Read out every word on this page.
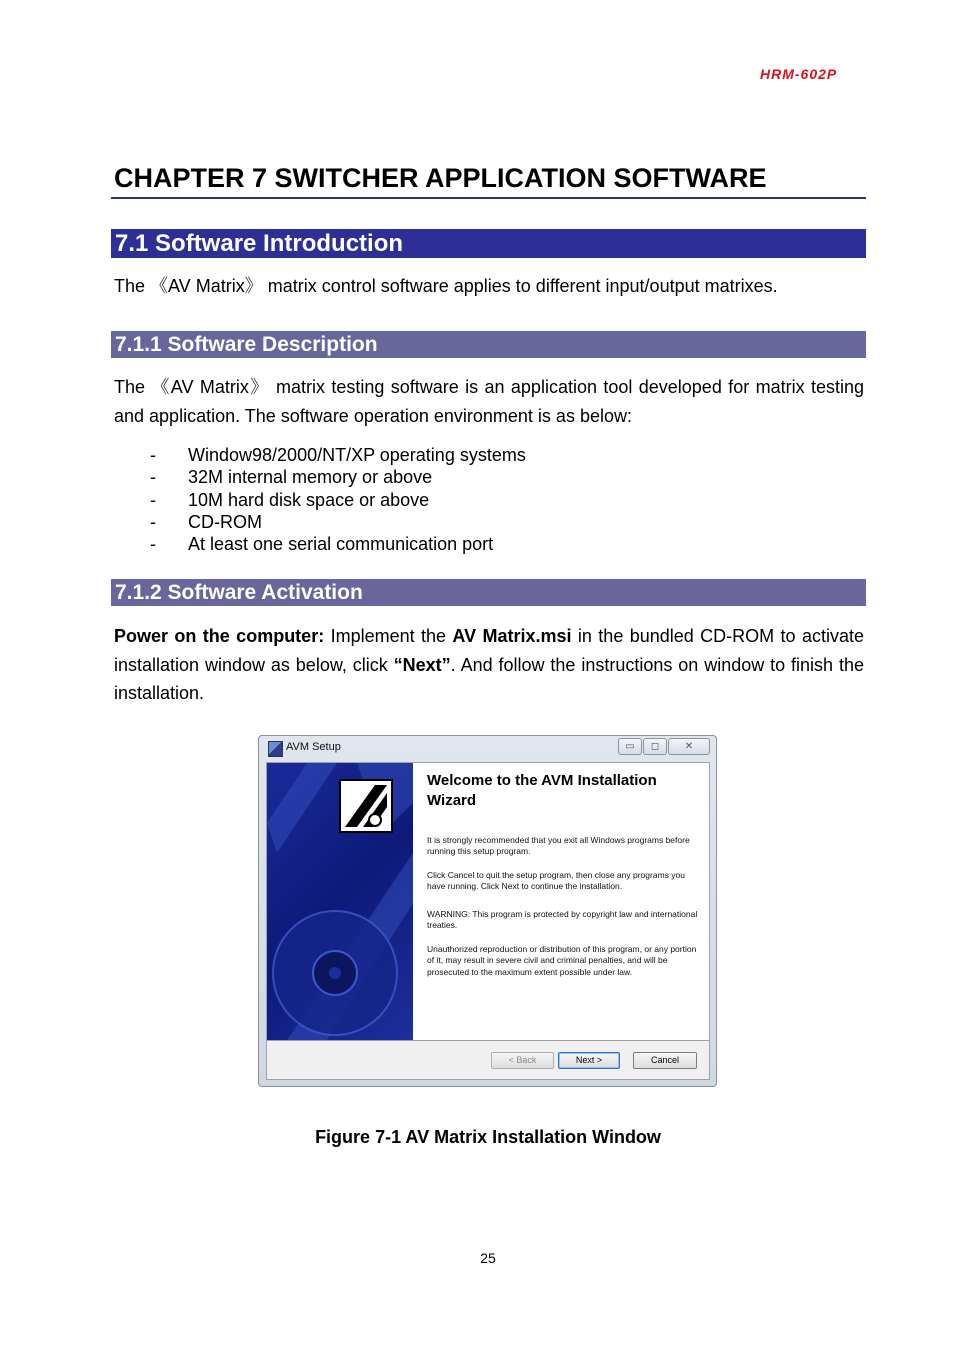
HRM-602P
CHAPTER 7 SWITCHER APPLICATION SOFTWARE
7.1 Software Introduction

The 《AV Matrix》 matrix control software applies to different input/output matrixes.

7.1.1 Software Description

The 《AV Matrix》 matrix testing software is an application tool developed for matrix testing and application. The software operation environment is as below:

-	Window98/2000/NT/XP operating systems
-	32M internal memory or above
-	10M hard disk space or above
-	CD-ROM
-	At least one serial communication port
7.1.2 Software Activation

Power on the computer: Implement the AV Matrix.msi in the bundled CD-ROM to activate installation window as below, click “Next”. And follow the instructions on window to finish the installation.

AVM Setup	▭	◻	✕
Welcome to the AVM Installation Wizard

It is strongly recommended that you exit all Windows programs before running this setup program.

Click Cancel to quit the setup program, then close any programs you have running. Click Next to continue the installation.

WARNING: This program is protected by copyright law and international treaties.

Unauthorized reproduction or distribution of this program, or any portion of it, may result in severe civil and criminal penalties, and will be prosecuted to the maximum extent possible under law.

< Back	Next >	Cancel
Figure 7-1 AV Matrix Installation Window
25
